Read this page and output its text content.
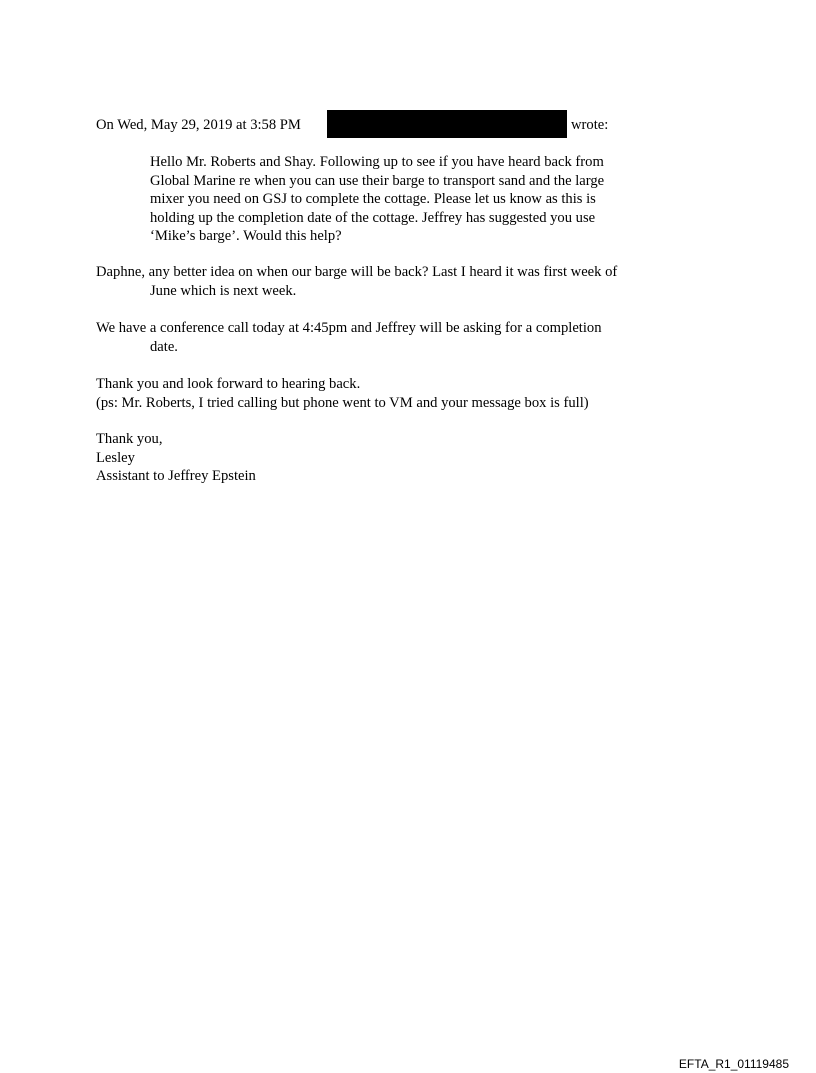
On Wed, May 29, 2019 at 3:58 PM	wrote:
Hello Mr. Roberts and Shay. Following up to see if you have heard back from
Global Marine re when you can use their barge to transport sand and the large
mixer you need on GSJ to complete the cottage. Please let us know as this is
holding up the completion date of the cottage. Jeffrey has suggested you use
‘Mike’s barge’. Would this help?
Daphne, any better idea on when our barge will be back? Last I heard it was first week of
June which is next week.
We have a conference call today at 4:45pm and Jeffrey will be asking for a completion
date.
Thank you and look forward to hearing back.
(ps: Mr. Roberts, I tried calling but phone went to VM and your message box is full)
Thank you,
Lesley
Assistant to Jeffrey Epstein
EFTA_R1_01119485
